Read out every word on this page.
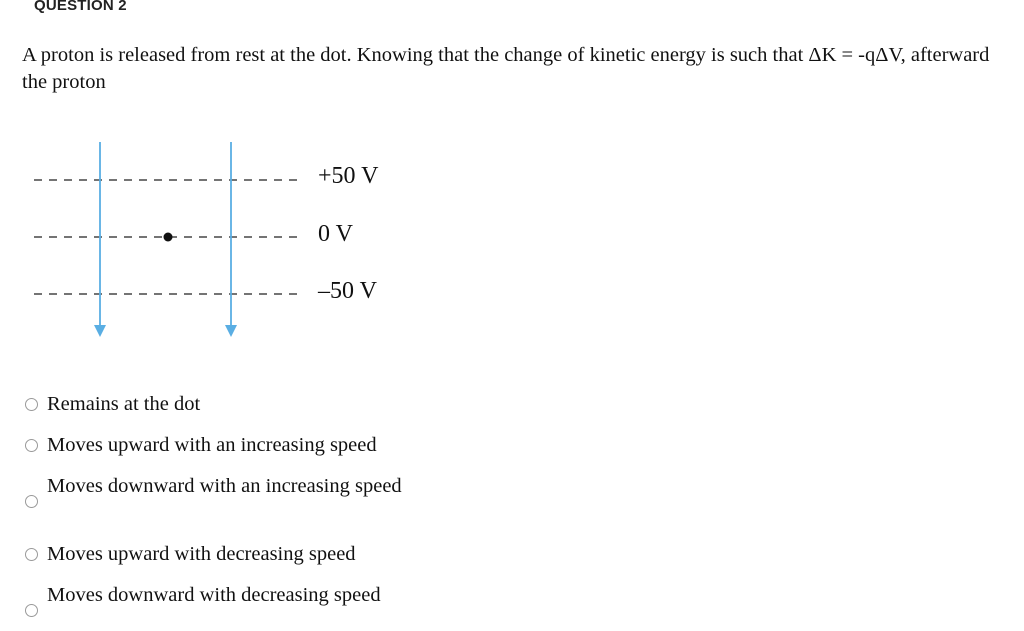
QUESTION 2

A proton is released from rest at the dot. Knowing that the change of kinetic energy is such that ΔK = -qΔV, afterward the proton

+50 V

0 V

–50 V

Remains at the dot
Moves upward with an increasing speed
Moves downward with an increasing speed
Moves upward with decreasing speed
Moves downward with decreasing speed
